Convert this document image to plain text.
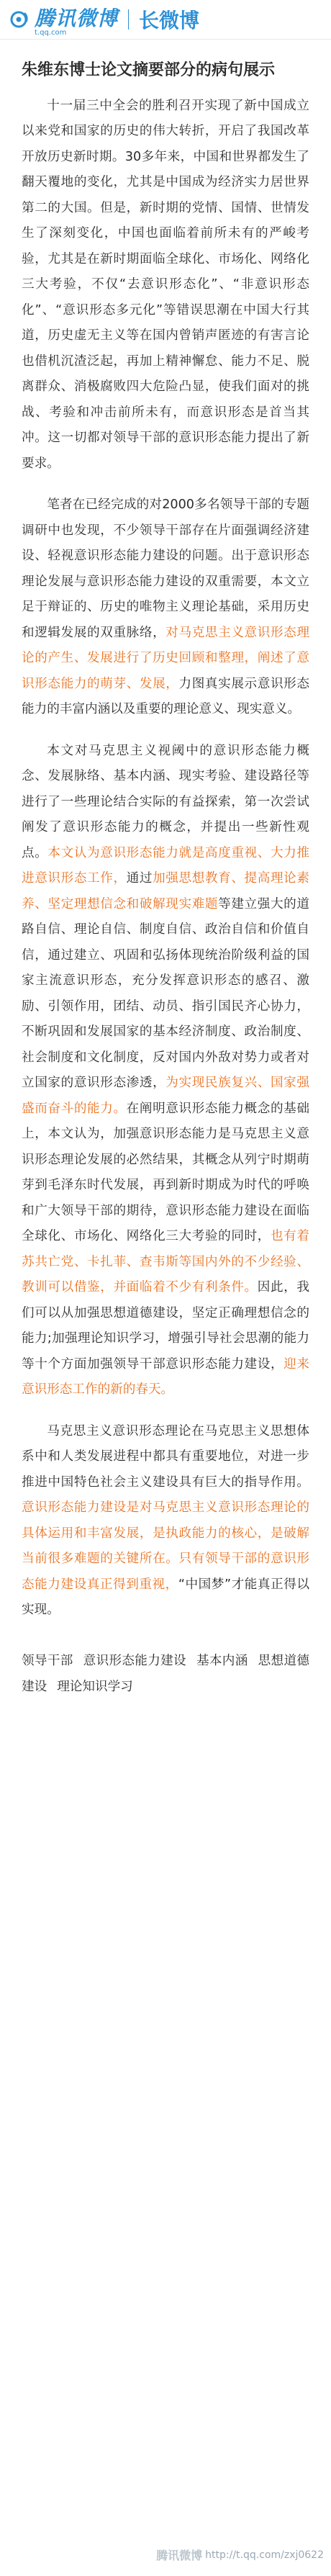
腾讯微博
t.qq.com	长微博
朱维东博士论文摘要部分的病句展示

十一届三中全会的胜利召开实现了新中国成立以来党和国家的历史的伟大转折，开启了我国改革开放历史新时期。30多年来，中国和世界都发生了翻天覆地的变化，尤其是中国成为经济实力居世界第二的大国。但是，新时期的党情、国情、世情发生了深刻变化，中国也面临着前所未有的严峻考验，尤其是在新时期面临全球化、市场化、网络化三大考验，不仅“去意识形态化”、“非意识形态化”、“意识形态多元化”等错误思潮在中国大行其道，历史虚无主义等在国内曾销声匿迹的有害言论也借机沉渣泛起，再加上精神懈怠、能力不足、脱离群众、消极腐败四大危险凸显，使我们面对的挑战、考验和冲击前所未有，而意识形态是首当其冲。这一切都对领导干部的意识形态能力提出了新要求。

笔者在已经完成的对2000多名领导干部的专题调研中也发现，不少领导干部存在片面强调经济建设、轻视意识形态能力建设的问题。出于意识形态理论发展与意识形态能力建设的双重需要，本文立足于辩证的、历史的唯物主义理论基础，采用历史和逻辑发展的双重脉络，对马克思主义意识形态理论的产生、发展进行了历史回顾和整理，阐述了意识形态能力的萌芽、发展，力图真实展示意识形态能力的丰富内涵以及重要的理论意义、现实意义。

本文对马克思主义视阈中的意识形态能力概念、发展脉络、基本内涵、现实考验、建设路径等进行了一些理论结合实际的有益探索，第一次尝试阐发了意识形态能力的概念，并提出一些新性观点。本文认为意识形态能力就是高度重视、大力推进意识形态工作，通过加强思想教育、提高理论素养、坚定理想信念和破解现实难题等建立强大的道路自信、理论自信、制度自信、政治自信和价值自信，通过建立、巩固和弘扬体现统治阶级利益的国家主流意识形态，充分发挥意识形态的感召、激励、引领作用，团结、动员、指引国民齐心协力，不断巩固和发展国家的基本经济制度、政治制度、社会制度和文化制度，反对国内外敌对势力或者对立国家的意识形态渗透，为实现民族复兴、国家强盛而奋斗的能力。在阐明意识形态能力概念的基础上，本文认为，加强意识形态能力是马克思主义意识形态理论发展的必然结果，其概念从列宁时期萌芽到毛泽东时代发展，再到新时期成为时代的呼唤和广大领导干部的期待，意识形态能力建设在面临全球化、市场化、网络化三大考验的同时，也有着苏共亡党、卡扎菲、查韦斯等国内外的不少经验、教训可以借鉴，并面临着不少有利条件。因此，我们可以从加强思想道德建设，坚定正确理想信念的能力;加强理论知识学习，增强引导社会思潮的能力等十个方面加强领导干部意识形态能力建设，迎来意识形态工作的新的春天。

马克思主义意识形态理论在马克思主义思想体系中和人类发展进程中都具有重要地位，对进一步推进中国特色社会主义建设具有巨大的指导作用。意识形态能力建设是对马克思主义意识形态理论的具体运用和丰富发展，是执政能力的核心，是破解当前很多难题的关键所在。只有领导干部的意识形态能力建设真正得到重视，“中国梦”才能真正得以实现。

领导干部 意识形态能力建设 基本内涵 思想道德建设 理论知识学习
腾讯微博 http://t.qq.com/zxj0622
